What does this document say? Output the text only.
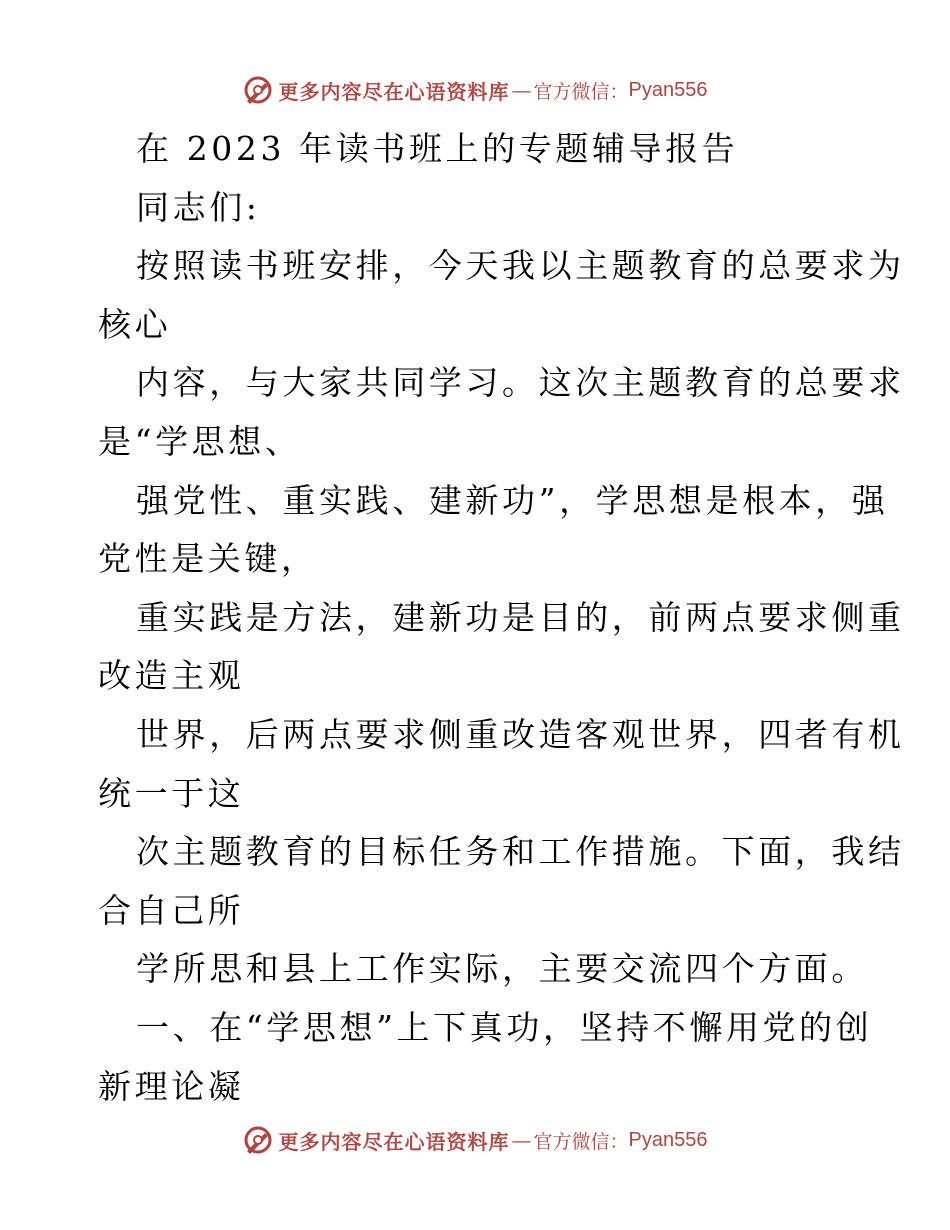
更多内容尽在心语资料库 — 官方微信： Pyan556
在 2023 年读书班上的专题辅导报告
同志们:
按照读书班安排，今天我以主题教育的总要求为
核心
内容，与大家共同学习。这次主题教育的总要求
是“学思想、
强党性、重实践、建新功”，学思想是根本，强
党性是关键，
重实践是方法，建新功是目的，前两点要求侧重
改造主观
世界，后两点要求侧重改造客观世界，四者有机
统一于这
次主题教育的目标任务和工作措施。下面，我结
合自己所
学所思和县上工作实际，主要交流四个方面。
一、在“学思想”上下真功，坚持不懈用党的创
新理论凝
更多内容尽在心语资料库 — 官方微信： Pyan556
